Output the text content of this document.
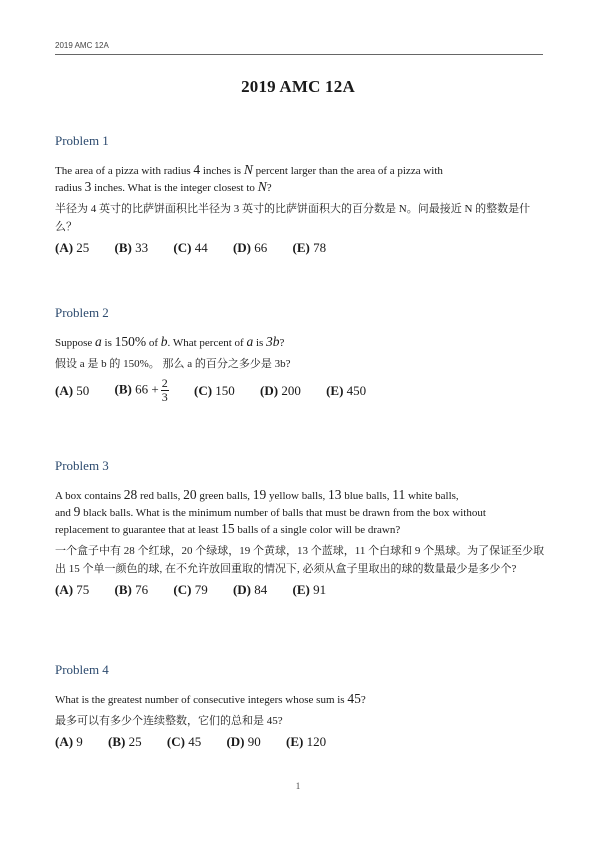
2019 AMC 12A
2019 AMC 12A
Problem 1
The area of a pizza with radius 4 inches is N percent larger than the area of a pizza with
radius 3 inches. What is the integer closest to N?
半径为 4 英寸的比萨饼面积比半径为 3 英寸的比萨饼面积大的百分数是 N。问最接近 N 的整数是什么？
(A) 25 (B) 33 (C) 44 (D) 66 (E) 78
Problem 2
Suppose a is 150% of b. What percent of a is 3b?
假设 a 是 b 的 150%。 那么 a 的百分之多少是 3b?
(A) 50 (B) $66 + \frac{2}{3} (C)$ 150 (D) 200 (E) 450
Problem 3
A box contains 28 red balls, 20 green balls, 19 yellow balls, 13 blue balls, 11 white balls,
and 9 black balls. What is the minimum number of balls that must be drawn from the box without
replacement to guarantee that at least 15 balls of a single color will be drawn?
一个盒子中有 28 个红球，20 个绿球，19 个黄球，13 个蓝球，11 个白球和 9 个黑球。为了保证至少取出 15 个单一颜色的球, 在不允许放回重取的情况下, 必须从盒子里取出的球的数量最少是多少个?
(A) 75 (B) 76 (C) 79 (D) 84 (E) 91
Problem 4
What is the greatest number of consecutive integers whose sum is 45?
最多可以有多少个连续整数，它们的总和是 45?
(A) 9 (B) 25 (C) 45 (D) 90 (E) 120
1
